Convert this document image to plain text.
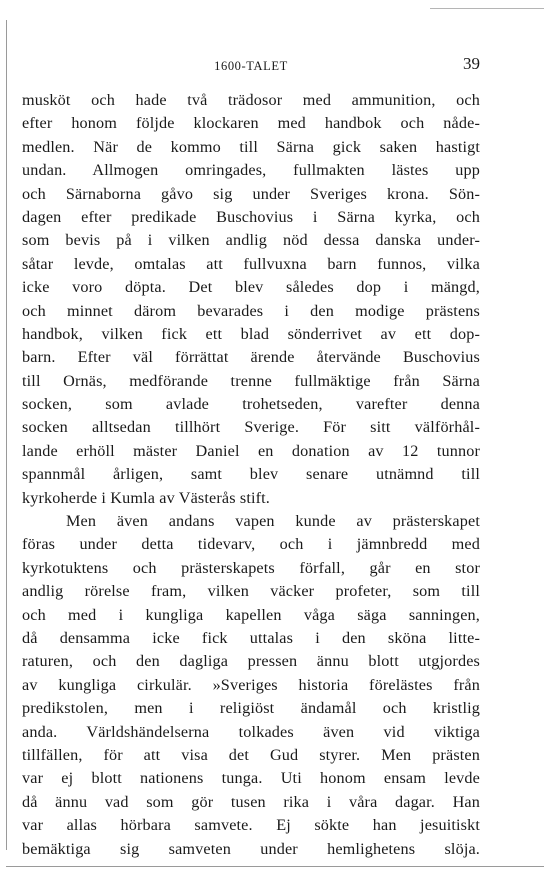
1600-TALET	39
musköt och hade två trädosor med ammunition, och
efter honom följde klockaren med handbok och nåde-
medlen. När de kommo till Särna gick saken hastigt
undan. Allmogen omringades, fullmakten lästes upp
och Särnaborna gåvo sig under Sveriges krona. Sön-
dagen efter predikade Buschovius i Särna kyrka, och
som bevis på i vilken andlig nöd dessa danska under-
såtar levde, omtalas att fullvuxna barn funnos, vilka
icke voro döpta. Det blev således dop i mängd,
och minnet därom bevarades i den modige prästens
handbok, vilken fick ett blad sönderrivet av ett dop-
barn. Efter väl förrättat ärende återvände Buschovius
till Ornäs, medförande trenne fullmäktige från Särna
socken, som avlade trohetseden, varefter denna
socken alltsedan tillhört Sverige. För sitt välförhål-
lande erhöll mäster Daniel en donation av 12 tunnor
spannmål årligen, samt blev senare utnämnd till
kyrkoherde i Kumla av Västerås stift.
Men även andans vapen kunde av prästerskapet
föras under detta tidevarv, och i jämnbredd med
kyrkotuktens och prästerskapets förfall, går en stor
andlig rörelse fram, vilken väcker profeter, som till
och med i kungliga kapellen våga säga sanningen,
då densamma icke fick uttalas i den sköna litte-
raturen, och den dagliga pressen ännu blott utgjordes
av kungliga cirkulär. »Sveriges historia förelästes från
predikstolen, men i religiöst ändamål och kristlig
anda. Världshändelserna tolkades även vid viktiga
tillfällen, för att visa det Gud styrer. Men prästen
var ej blott nationens tunga. Uti honom ensam levde
då ännu vad som gör tusen rika i våra dagar. Han
var allas hörbara samvete. Ej sökte han jesuitiskt
bemäktiga sig samveten under hemlighetens slöja.
